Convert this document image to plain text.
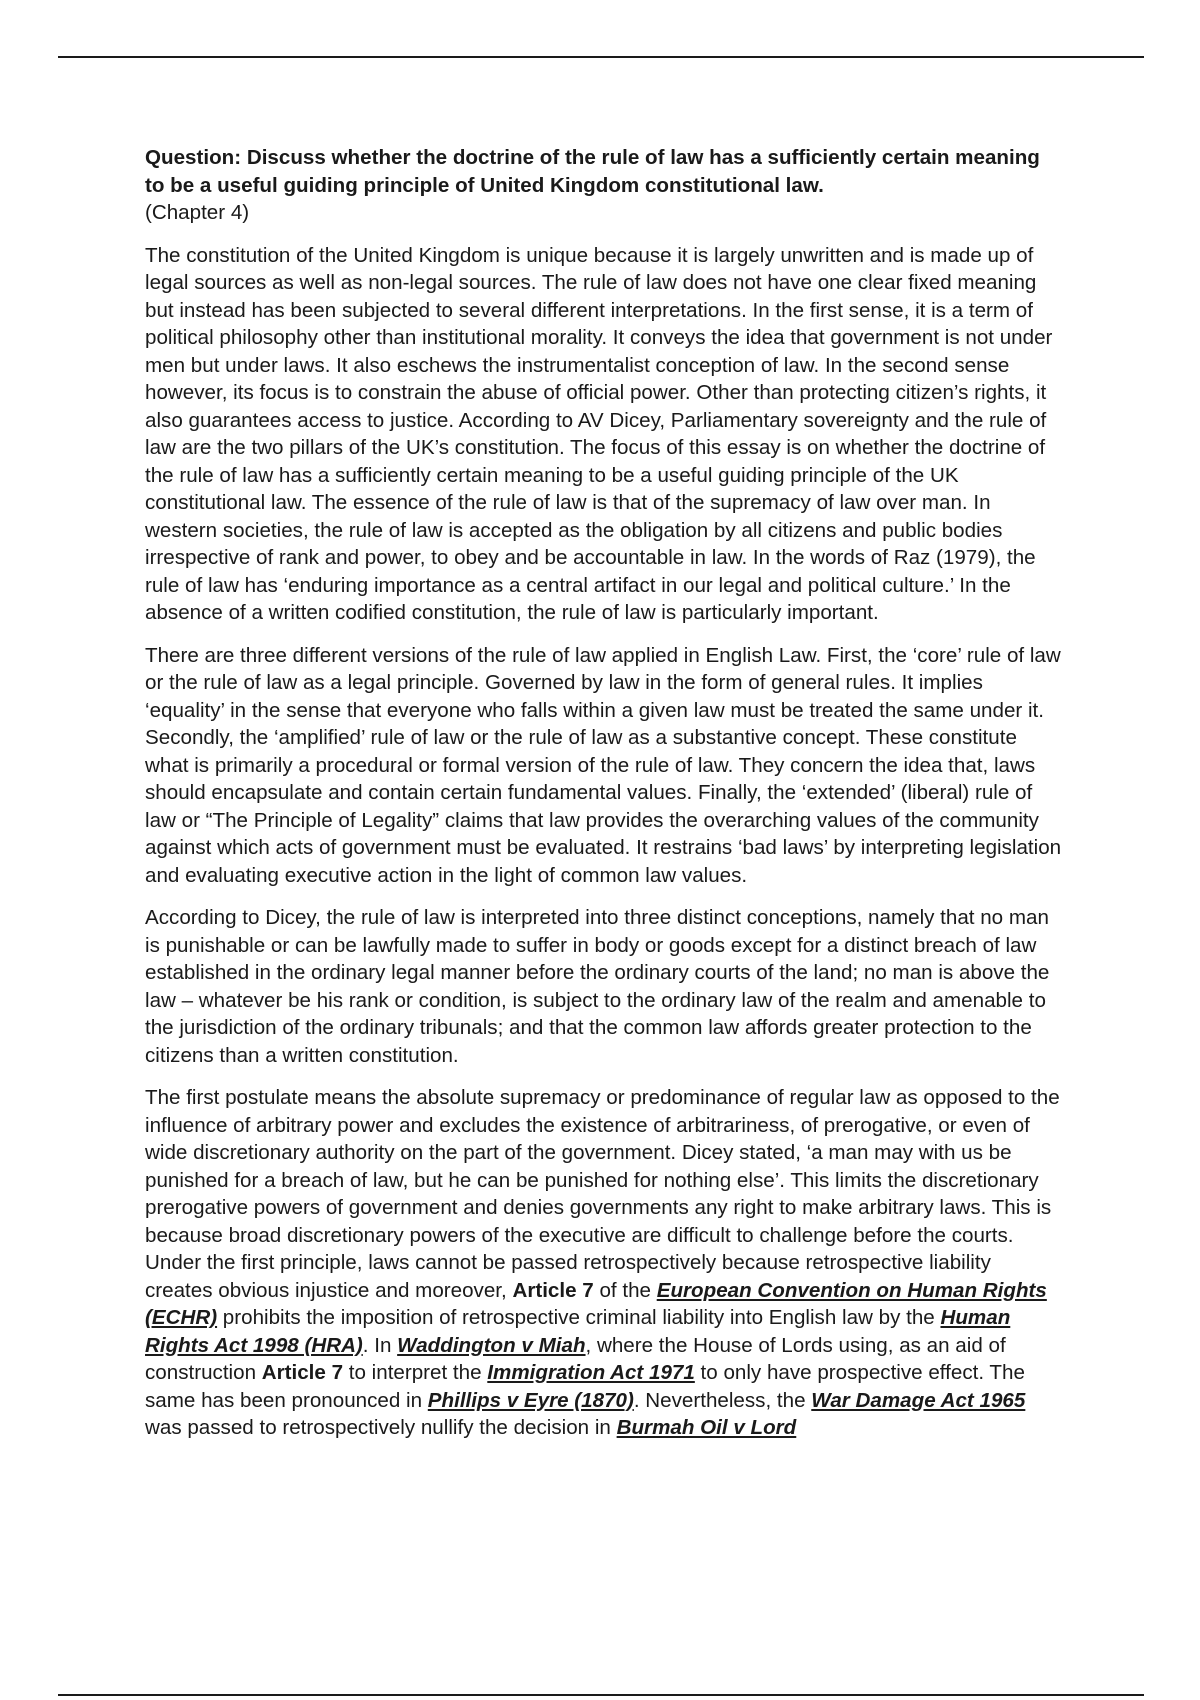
Question: Discuss whether the doctrine of the rule of law has a sufficiently certain meaning to be a useful guiding principle of United Kingdom constitutional law.

(Chapter 4)

The constitution of the United Kingdom is unique because it is largely unwritten and is made up of legal sources as well as non-legal sources. The rule of law does not have one clear fixed meaning but instead has been subjected to several different interpretations. In the first sense, it is a term of political philosophy other than institutional morality. It conveys the idea that government is not under men but under laws. It also eschews the instrumentalist conception of law. In the second sense however, its focus is to constrain the abuse of official power. Other than protecting citizen’s rights, it also guarantees access to justice. According to AV Dicey, Parliamentary sovereignty and the rule of law are the two pillars of the UK’s constitution. The focus of this essay is on whether the doctrine of the rule of law has a sufficiently certain meaning to be a useful guiding principle of the UK constitutional law. The essence of the rule of law is that of the supremacy of law over man. In western societies, the rule of law is accepted as the obligation by all citizens and public bodies irrespective of rank and power, to obey and be accountable in law. In the words of Raz (1979), the rule of law has ‘enduring importance as a central artifact in our legal and political culture.’ In the absence of a written codified constitution, the rule of law is particularly important.

There are three different versions of the rule of law applied in English Law. First, the ‘core’ rule of law or the rule of law as a legal principle. Governed by law in the form of general rules. It implies ‘equality’ in the sense that everyone who falls within a given law must be treated the same under it. Secondly, the ‘amplified’ rule of law or the rule of law as a substantive concept. These constitute what is primarily a procedural or formal version of the rule of law. They concern the idea that, laws should encapsulate and contain certain fundamental values. Finally, the ‘extended’ (liberal) rule of law or “The Principle of Legality” claims that law provides the overarching values of the community against which acts of government must be evaluated. It restrains ‘bad laws’ by interpreting legislation and evaluating executive action in the light of common law values.

According to Dicey, the rule of law is interpreted into three distinct conceptions, namely that no man is punishable or can be lawfully made to suffer in body or goods except for a distinct breach of law established in the ordinary legal manner before the ordinary courts of the land; no man is above the law – whatever be his rank or condition, is subject to the ordinary law of the realm and amenable to the jurisdiction of the ordinary tribunals; and that the common law affords greater protection to the citizens than a written constitution.

The first postulate means the absolute supremacy or predominance of regular law as opposed to the influence of arbitrary power and excludes the existence of arbitrariness, of prerogative, or even of wide discretionary authority on the part of the government. Dicey stated, ‘a man may with us be punished for a breach of law, but he can be punished for nothing else’. This limits the discretionary prerogative powers of government and denies governments any right to make arbitrary laws. This is because broad discretionary powers of the executive are difficult to challenge before the courts. Under the first principle, laws cannot be passed retrospectively because retrospective liability creates obvious injustice and moreover, Article 7 of the European Convention on Human Rights (ECHR) prohibits the imposition of retrospective criminal liability into English law by the Human Rights Act 1998 (HRA). In Waddington v Miah, where the House of Lords using, as an aid of construction Article 7 to interpret the Immigration Act 1971 to only have prospective effect. The same has been pronounced in Phillips v Eyre (1870). Nevertheless, the War Damage Act 1965 was passed to retrospectively nullify the decision in Burmah Oil v Lord
